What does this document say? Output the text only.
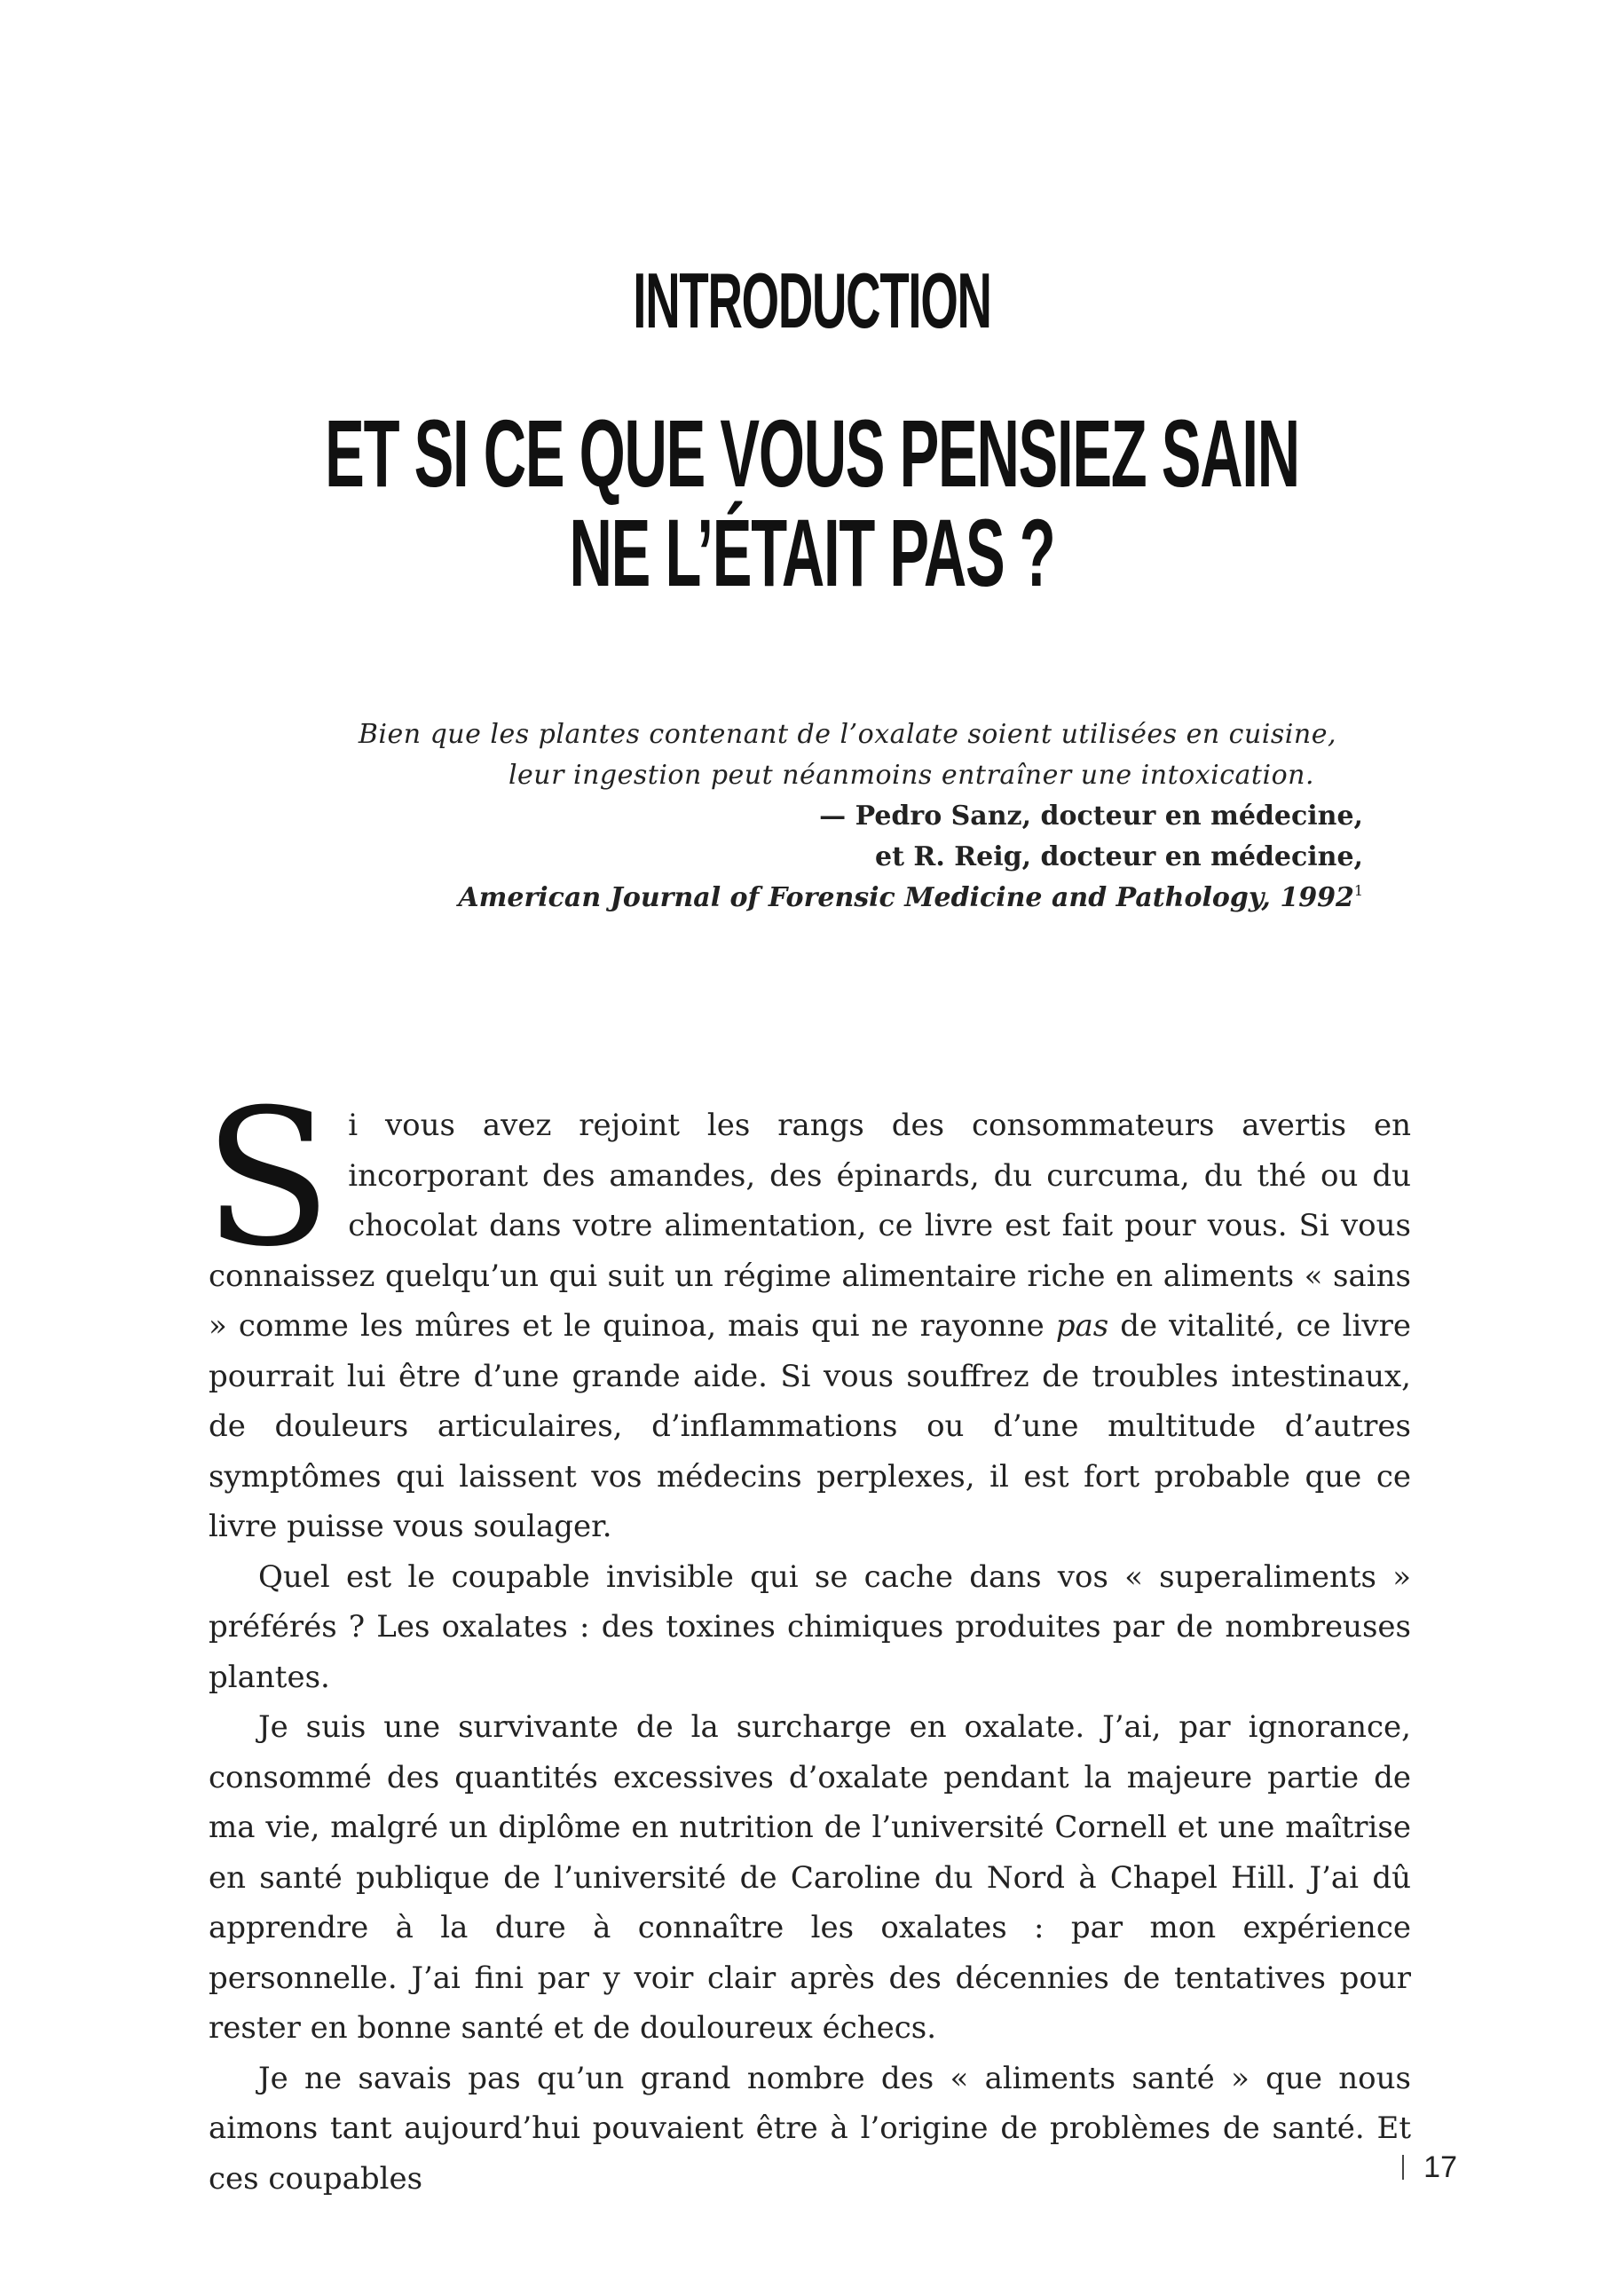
INTRODUCTION
ET SI CE QUE VOUS PENSIEZ SAIN
NE L’ÉTAIT PAS ?
Bien que les plantes contenant de l’oxalate soient utilisées en cuisine,
leur ingestion peut néanmoins entraîner une intoxication.
— Pedro Sanz, docteur en médecine,
et R. Reig, docteur en médecine,
American Journal of Forensic Medicine and Pathology, 1992$^1$

Si vous avez rejoint les rangs des consommateurs avertis en incorporant des amandes, des épinards, du curcuma, du thé ou du chocolat dans votre alimentation, ce livre est fait pour vous. Si vous connaissez quelqu’un qui suit un régime alimentaire riche en aliments « sains » comme les mûres et le quinoa, mais qui ne rayonne pas de vitalité, ce livre pourrait lui être d’une grande aide. Si vous souffrez de troubles intestinaux, de douleurs articulaires, d’inflammations ou d’une multitude d’autres symptômes qui laissent vos médecins perplexes, il est fort probable que ce livre puisse vous soulager.

Quel est le coupable invisible qui se cache dans vos « superaliments » préférés ? Les oxalates : des toxines chimiques produites par de nombreuses plantes.

Je suis une survivante de la surcharge en oxalate. J’ai, par ignorance, consommé des quantités excessives d’oxalate pendant la majeure partie de ma vie, malgré un diplôme en nutrition de l’université Cornell et une maîtrise en santé publique de l’université de Caroline du Nord à Chapel Hill. J’ai dû apprendre à la dure à connaître les oxalates : par mon expérience personnelle. J’ai fini par y voir clair après des décennies de tentatives pour rester en bonne santé et de douloureux échecs.

Je ne savais pas qu’un grand nombre des « aliments santé » que nous aimons tant aujourd’hui pouvaient être à l’origine de problèmes de santé. Et ces coupables	17
